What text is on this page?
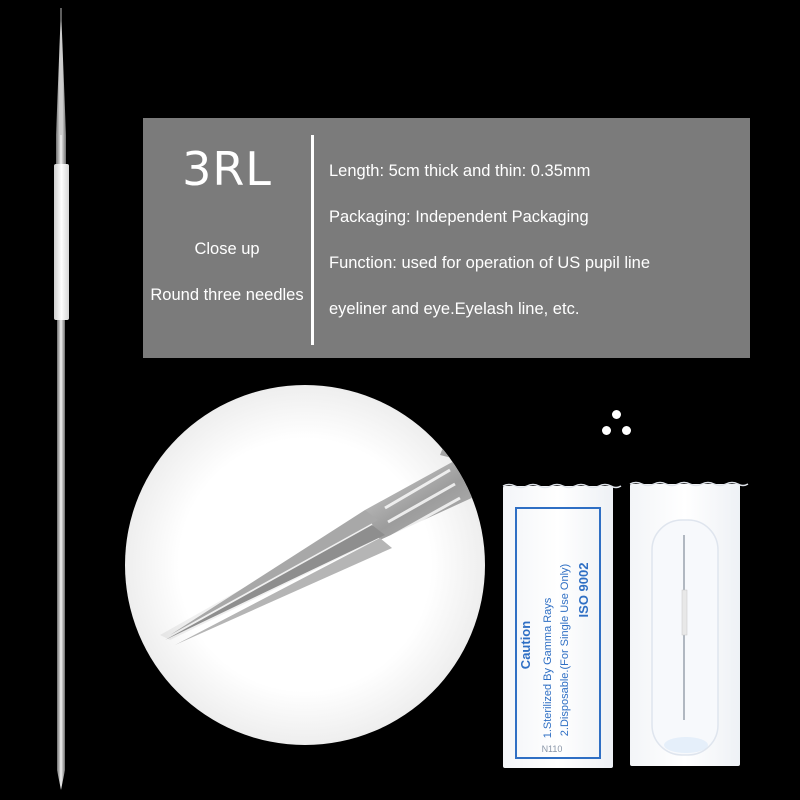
Caution 1.Sterilized By Gamma Rays 2.Disposable.(For Single Use Only) ISO 9002
N110
3RL
Close up
Round three needles
Length: 5cm thick and thin: 0.35mm
Packaging: Independent Packaging
Function: used for operation of US pupil line
eyeliner and eye.Eyelash line, etc.
